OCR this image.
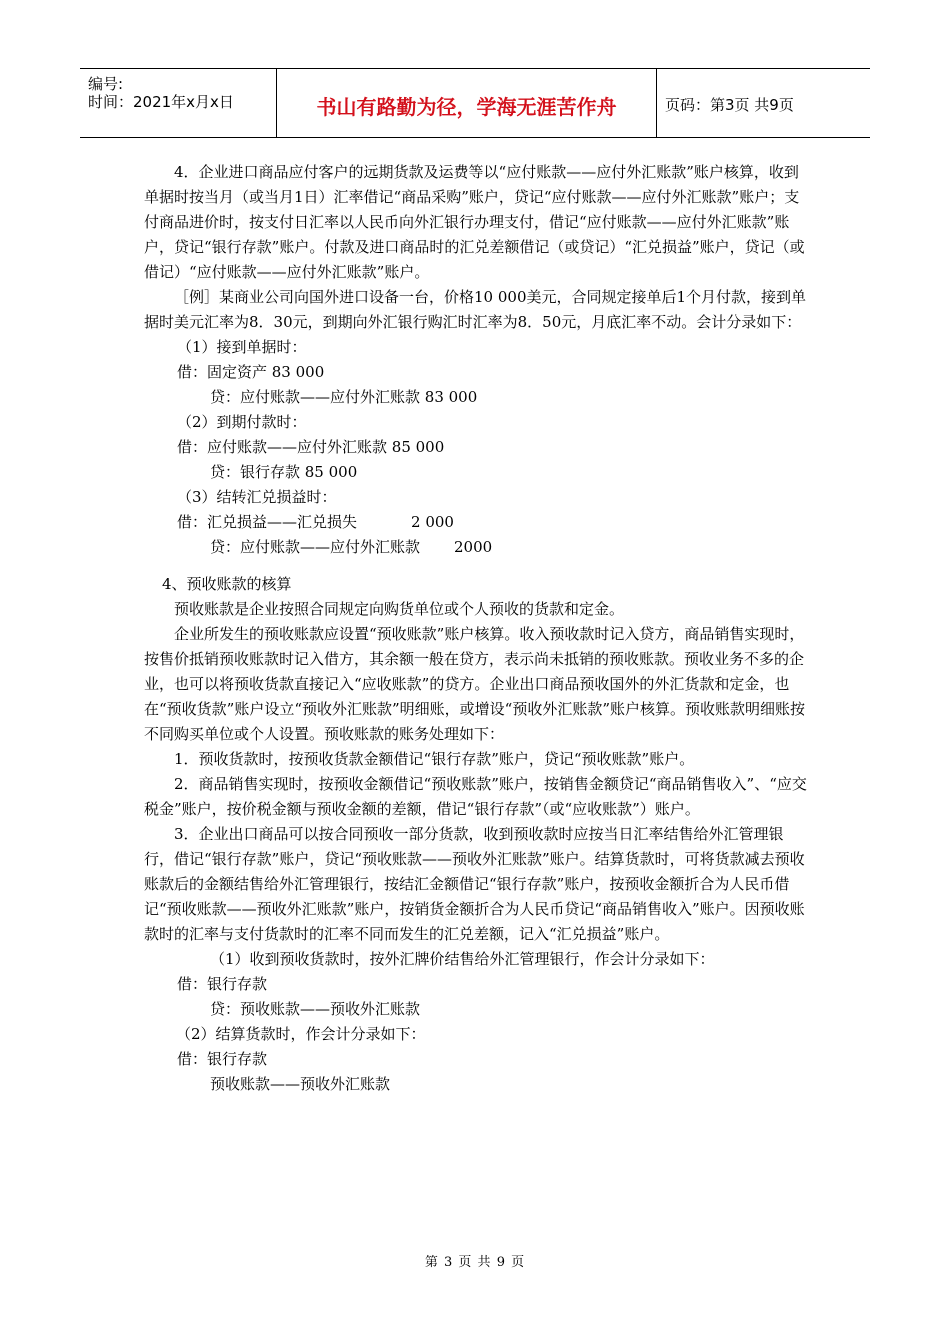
编号:
时间：2021年x月x日	书山有路勤为径，学海无涯苦作舟	页码：第3页 共9页

4．企业进口商品应付客户的远期货款及运费等以“应付账款——应付外汇账款”账户核算，收到单据时按当月（或当月1日）汇率借记“商品采购”账户，贷记“应付账款——应付外汇账款”账户；支付商品进价时，按支付日汇率以人民币向外汇银行办理支付，借记“应付账款——应付外汇账款”账户，贷记“银行存款”账户。付款及进口商品时的汇兑差额借记（或贷记）“汇兑损益”账户，贷记（或借记）“应付账款——应付外汇账款”账户。

［例］某商业公司向国外进口设备一台，价格10 000美元，合同规定接单后1个月付款，接到单据时美元汇率为8．30元，到期向外汇银行购汇时汇率为8．50元，月底汇率不动。会计分录如下：

（1）接到单据时：

借：固定资产 83 000

贷：应付账款——应付外汇账款 83 000

（2）到期付款时：

借：应付账款——应付外汇账款 85 000

贷：银行存款 85 000

（3）结转汇兑损益时：

借：汇兑损益——汇兑损失	2 000

贷：应付账款——应付外汇账款 2000

4、预收账款的核算

预收账款是企业按照合同规定向购货单位或个人预收的货款和定金。

企业所发生的预收账款应设置“预收账款”账户核算。收入预收款时记入贷方，商品销售实现时，按售价抵销预收账款时记入借方，其余额一般在贷方，表示尚未抵销的预收账款。预收业务不多的企业，也可以将预收货款直接记入“应收账款”的贷方。企业出口商品预收国外的外汇货款和定金，也在“预收货款”账户设立“预收外汇账款”明细账，或增设“预收外汇账款”账户核算。预收账款明细账按不同购买单位或个人设置。预收账款的账务处理如下：

1．预收货款时，按预收货款金额借记“银行存款”账户，贷记“预收账款”账户。

2．商品销售实现时，按预收金额借记“预收账款”账户，按销售金额贷记“商品销售收入”、“应交税金”账户，按价税金额与预收金额的差额，借记“银行存款”（或“应收账款”）账户。

3．企业出口商品可以按合同预收一部分货款，收到预收款时应按当日汇率结售给外汇管理银行，借记“银行存款”账户，贷记“预收账款——预收外汇账款”账户。结算货款时，可将货款减去预收账款后的金额结售给外汇管理银行，按结汇金额借记“银行存款”账户，按预收金额折合为人民币借记“预收账款——预收外汇账款”账户，按销货金额折合为人民币贷记“商品销售收入”账户。因预收账款时的汇率与支付货款时的汇率不同而发生的汇兑差额，记入“汇兑损益”账户。

（1）收到预收货款时，按外汇牌价结售给外汇管理银行，作会计分录如下：

借：银行存款

贷：预收账款——预收外汇账款

（2）结算货款时，作会计分录如下：

借：银行存款

预收账款——预收外汇账款

第 3 页 共 9 页
